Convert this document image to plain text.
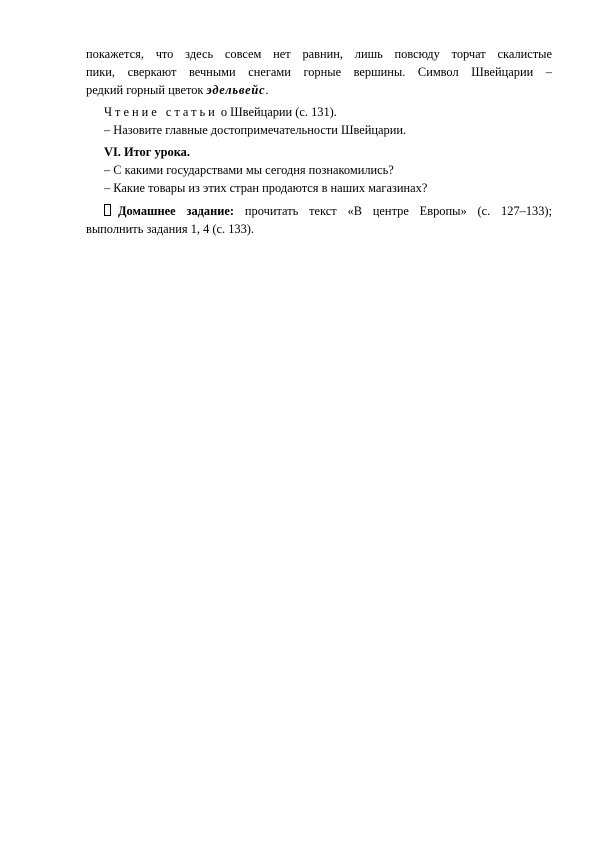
покажется, что здесь совсем нет равнин, лишь повсюду торчат скалистые

пики, сверкают вечными снегами горные вершины. Символ Швейцарии –

редкий горный цветок эдельвейс.

Чтение статьи о Швейцарии (с. 131).

– Назовите главные достопримечательности Швейцарии.

VI. Итог урока.

– С какими государствами мы сегодня познакомились?

– Какие товары из этих стран продаются в наших магазинах?

Домашнее задание: прочитать текст «В центре Европы» (с. 127–133);

выполнить задания 1, 4 (с. 133).
